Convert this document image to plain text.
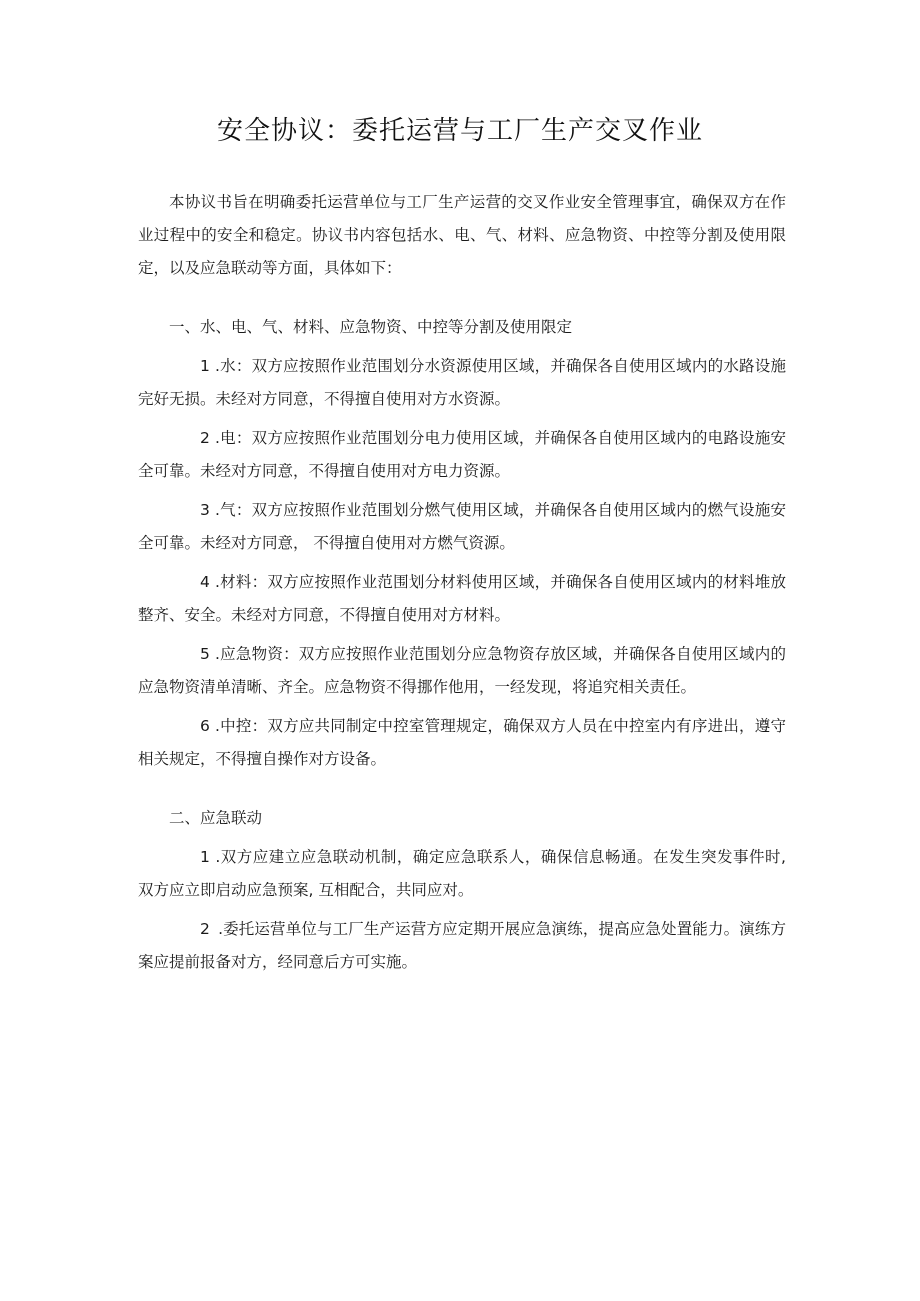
安全协议：委托运营与工厂生产交叉作业

本协议书旨在明确委托运营单位与工厂生产运营的交叉作业安全管理事宜，确保双方在作业过程中的安全和稳定。协议书内容包括水、电、气、材料、应急物资、中控等分割及使用限定，以及应急联动等方面，具体如下：

一、水、电、气、材料、应急物资、中控等分割及使用限定

1 .水：双方应按照作业范围划分水资源使用区域，并确保各自使用区域内的水路设施完好无损。未经对方同意，不得擅自使用对方水资源。

2 .电：双方应按照作业范围划分电力使用区域，并确保各自使用区域内的电路设施安全可靠。未经对方同意，不得擅自使用对方电力资源。

3 .气：双方应按照作业范围划分燃气使用区域，并确保各自使用区域内的燃气设施安全可靠。未经对方同意， 不得擅自使用对方燃气资源。

4 .材料：双方应按照作业范围划分材料使用区域，并确保各自使用区域内的材料堆放整齐、安全。未经对方同意，不得擅自使用对方材料。

5 .应急物资：双方应按照作业范围划分应急物资存放区域，并确保各自使用区域内的应急物资清单清晰、齐全。应急物资不得挪作他用，一经发现，将追究相关责任。

6 .中控：双方应共同制定中控室管理规定，确保双方人员在中控室内有序进出，遵守相关规定，不得擅自操作对方设备。

二、应急联动

1 .双方应建立应急联动机制，确定应急联系人，确保信息畅通。在发生突发事件时, 双方应立即启动应急预案, 互相配合，共同应对。

2 .委托运营单位与工厂生产运营方应定期开展应急演练，提高应急处置能力。演练方案应提前报备对方，经同意后方可实施。
